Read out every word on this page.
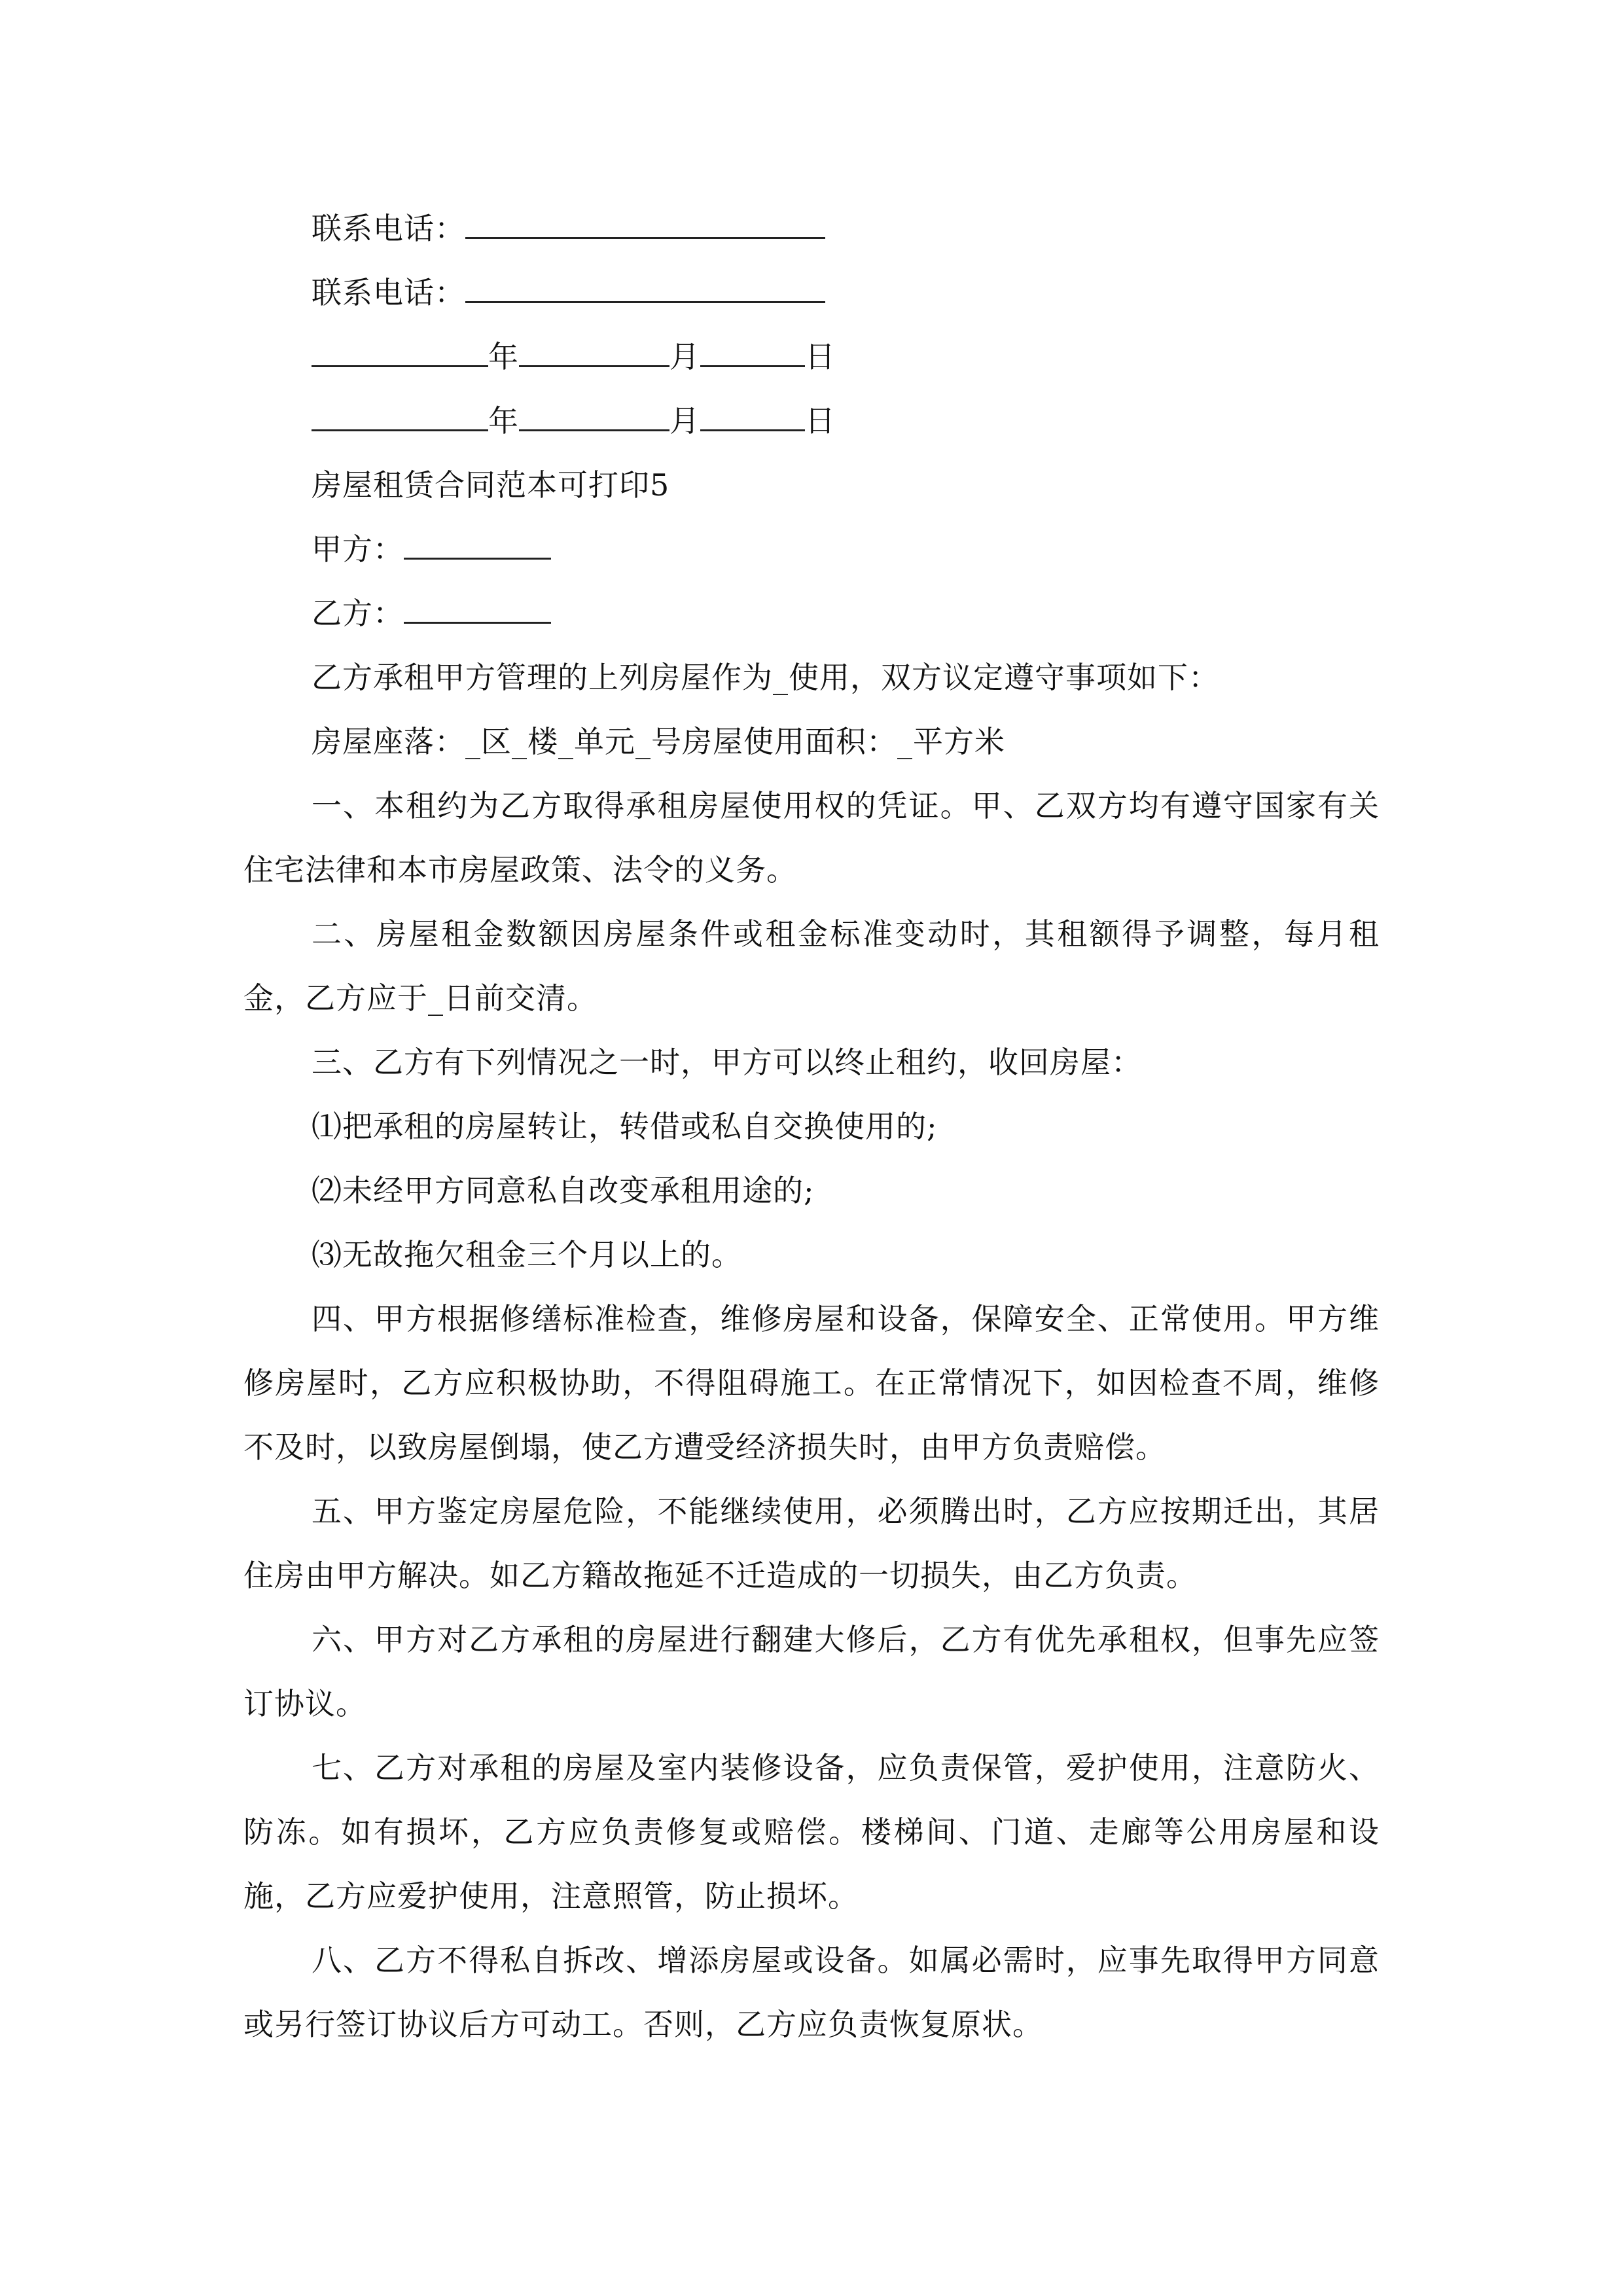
联系电话：
联系电话：
年	月	日
年	月	日
房屋租赁合同范本可打印5
甲方：
乙方：
乙方承租甲方管理的上列房屋作为_使用，双方议定遵守事项如下：
房屋座落：_区_楼_单元_号房屋使用面积：_平方米
一、本租约为乙方取得承租房屋使用权的凭证。甲、乙双方均有遵守国家有关住宅法律和本市房屋政策、法令的义务。
二、房屋租金数额因房屋条件或租金标准变动时，其租额得予调整，每月租金，乙方应于_日前交清。
三、乙方有下列情况之一时，甲方可以终止租约，收回房屋：
⑴把承租的房屋转让，转借或私自交换使用的;
⑵未经甲方同意私自改变承租用途的;
⑶无故拖欠租金三个月以上的。
四、甲方根据修缮标准检查，维修房屋和设备，保障安全、正常使用。甲方维修房屋时，乙方应积极协助，不得阻碍施工。在正常情况下，如因检查不周，维修不及时，以致房屋倒塌，使乙方遭受经济损失时，由甲方负责赔偿。
五、甲方鉴定房屋危险，不能继续使用，必须腾出时，乙方应按期迁出，其居住房由甲方解决。如乙方籍故拖延不迁造成的一切损失，由乙方负责。
六、甲方对乙方承租的房屋进行翻建大修后，乙方有优先承租权，但事先应签订协议。
七、乙方对承租的房屋及室内装修设备，应负责保管，爱护使用，注意防火、防冻。如有损坏，乙方应负责修复或赔偿。楼梯间、门道、走廊等公用房屋和设施，乙方应爱护使用，注意照管，防止损坏。
八、乙方不得私自拆改、增添房屋或设备。如属必需时，应事先取得甲方同意或另行签订协议后方可动工。否则，乙方应负责恢复原状。
